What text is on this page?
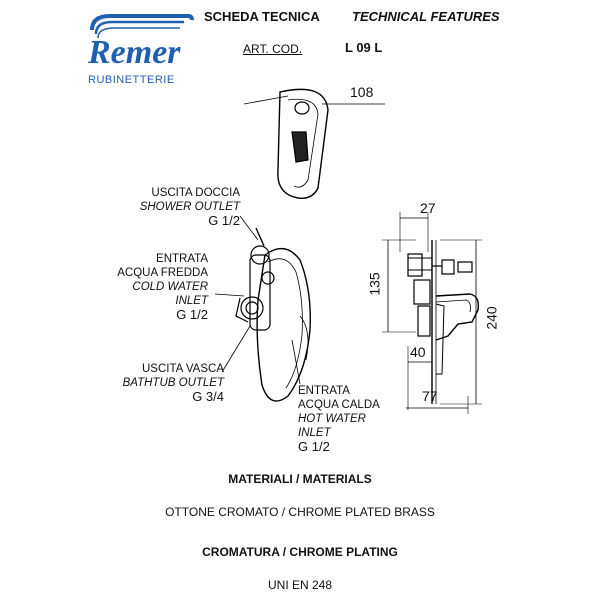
Remer
RUBINETTERIE
SCHEDA TECNICA TECHNICAL FEATURES
ART. COD.	L 09 L
108
27
135
240
40
77
USCITA DOCCIA
SHOWER OUTLET
G 1/2
ENTRATA
ACQUA FREDDA
COLD WATER
INLET
G 1/2
USCITA VASCA
BATHTUB OUTLET
G 3/4	ENTRATA
ACQUA CALDA
HOT WATER
INLET
G 1/2
MATERIALI / MATERIALS
OTTONE CROMATO / CHROME PLATED BRASS
CROMATURA / CHROME PLATING
UNI EN 248
